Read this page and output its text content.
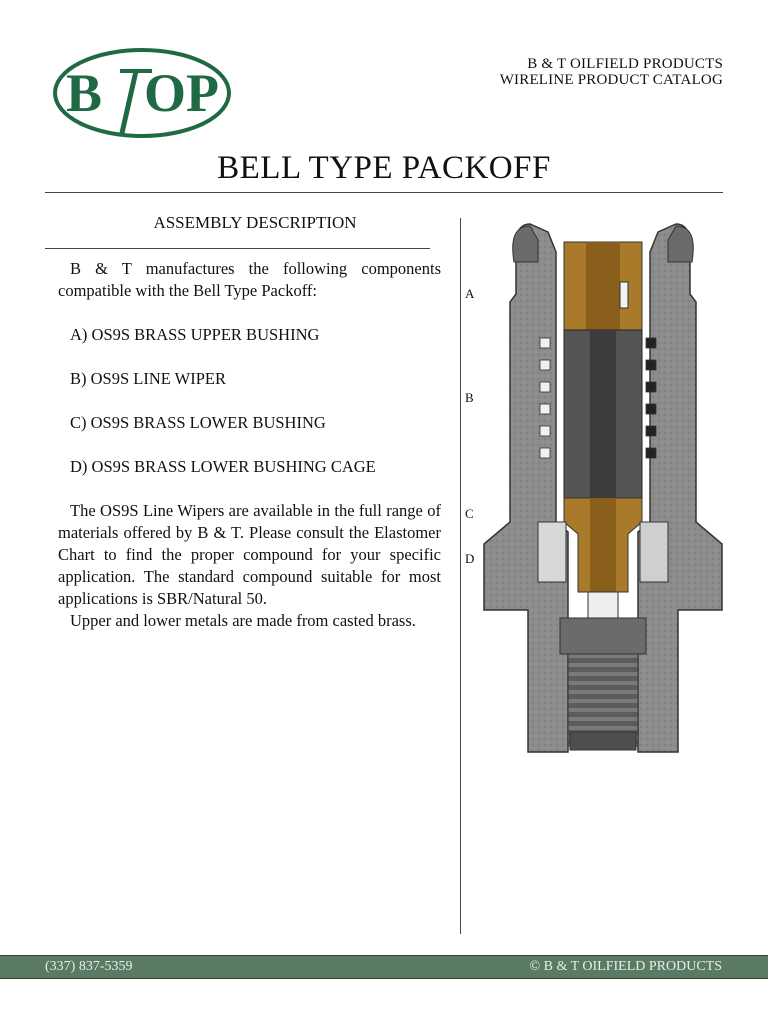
B OP	B & T OILFIELD PRODUCTS
WIRELINE PRODUCT CATALOG
BELL TYPE PACKOFF
ASSEMBLY DESCRIPTION

B & T manufactures the following components compatible with the Bell Type Packoff:

A) OS9S BRASS UPPER BUSHING

B) OS9S LINE WIPER

C) OS9S BRASS LOWER BUSHING

D) OS9S BRASS LOWER BUSHING CAGE

The OS9S Line Wipers are available in the full range of materials offered by B & T. Please consult the Elastomer Chart to find the proper compound for your specific application. The standard compound suitable for most applications is SBR/Natural 50.

Upper and lower metals are made from casted brass.

A
B
C
D
(337) 837-5359	© B & T OILFIELD PRODUCTS
